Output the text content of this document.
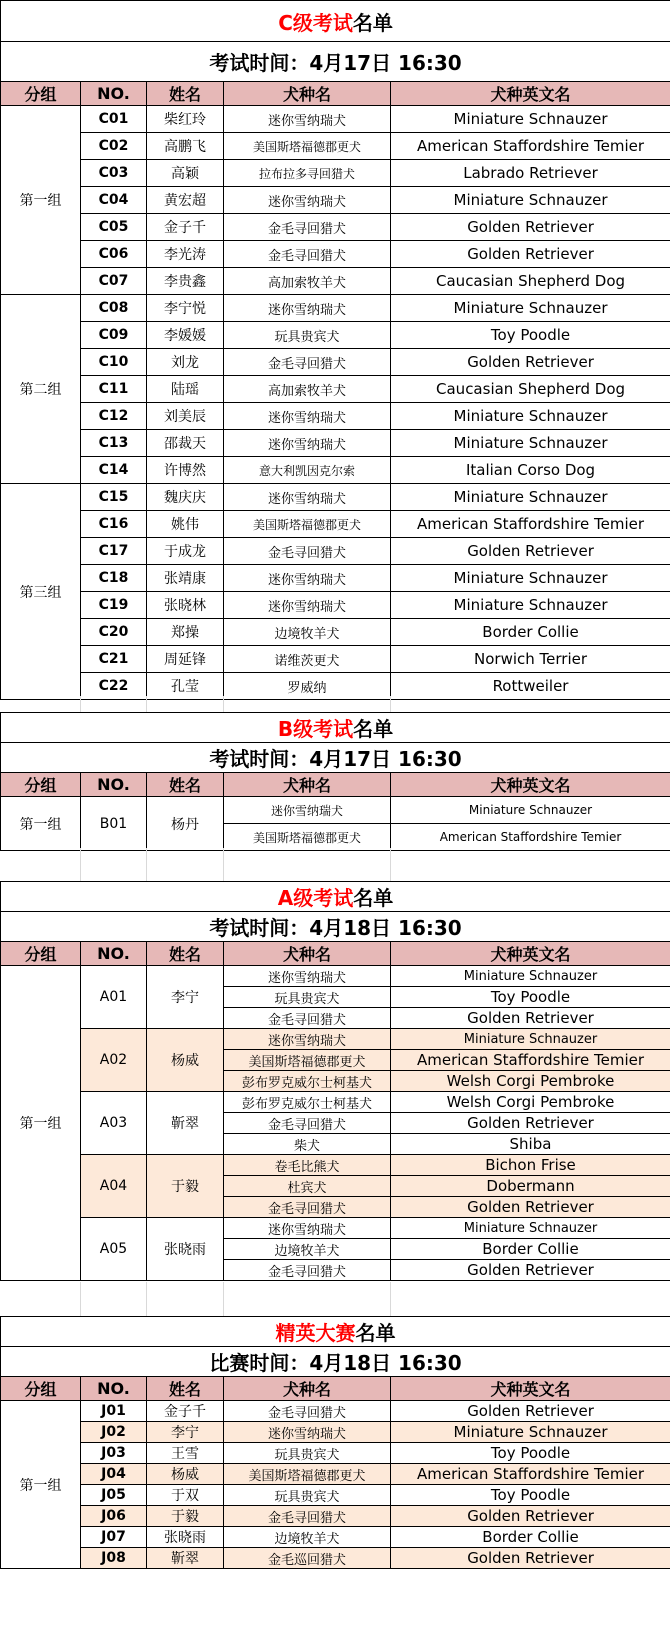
C级考试名单				
考试时间：4月17日 16:30				
分组	NO.	姓名	犬种名	犬种英文名
第一组	C01	柴红玲	迷你雪纳瑞犬	Miniature Schnauzer
	C02	高鹏飞	美国斯塔福德郡更犬	American Staffordshire Temier
	C03	高颖	拉布拉多寻回猎犬	Labrado Retriever
	C04	黄宏超	迷你雪纳瑞犬	Miniature Schnauzer
	C05	金子千	金毛寻回猎犬	Golden Retriever
	C06	李光涛	金毛寻回猎犬	Golden Retriever
	C07	李贵鑫	高加索牧羊犬	Caucasian Shepherd Dog
第二组	C08	李宁悦	迷你雪纳瑞犬	Miniature Schnauzer
	C09	李媛媛	玩具贵宾犬	Toy Poodle
	C10	刘龙	金毛寻回猎犬	Golden Retriever
	C11	陆瑶	高加索牧羊犬	Caucasian Shepherd Dog
	C12	刘美辰	迷你雪纳瑞犬	Miniature Schnauzer
	C13	邵裁天	迷你雪纳瑞犬	Miniature Schnauzer
	C14	许博然	意大利凯因克尔索	Italian Corso Dog
第三组	C15	魏庆庆	迷你雪纳瑞犬	Miniature Schnauzer
	C16	姚伟	美国斯塔福德郡更犬	American Staffordshire Temier
	C17	于成龙	金毛寻回猎犬	Golden Retriever
	C18	张靖康	迷你雪纳瑞犬	Miniature Schnauzer
	C19	张晓林	迷你雪纳瑞犬	Miniature Schnauzer
	C20	郑操	边境牧羊犬	Border Collie
	C21	周延锋	诺维茨更犬	Norwich Terrier
	C22	孔莹	罗威纳	Rottweiler
B级考试名单				
考试时间：4月17日 16:30				
分组	NO.	姓名	犬种名	犬种英文名
第一组	B01	杨丹	迷你雪纳瑞犬	Miniature Schnauzer
			美国斯塔福德郡更犬	American Staffordshire Temier
A级考试名单				
考试时间：4月18日 16:30				
分组	NO.	姓名	犬种名	犬种英文名
第一组	A01	李宁	迷你雪纳瑞犬	Miniature Schnauzer
			玩具贵宾犬	Toy Poodle
			金毛寻回猎犬	Golden Retriever
	A02	杨威	迷你雪纳瑞犬	Miniature Schnauzer
			美国斯塔福德郡更犬	American Staffordshire Temier
			彭布罗克威尔士柯基犬	Welsh Corgi Pembroke
	A03	靳翠	彭布罗克威尔士柯基犬	Welsh Corgi Pembroke
			金毛寻回猎犬	Golden Retriever
			柴犬	Shiba
	A04	于毅	卷毛比熊犬	Bichon Frise
			杜宾犬	Dobermann
			金毛寻回猎犬	Golden Retriever
	A05	张晓雨	迷你雪纳瑞犬	Miniature Schnauzer
			边境牧羊犬	Border Collie
			金毛寻回猎犬	Golden Retriever
精英大赛名单				
比赛时间：4月18日 16:30				
分组	NO.	姓名	犬种名	犬种英文名
第一组	J01	金子千	金毛寻回猎犬	Golden Retriever
	J02	李宁	迷你雪纳瑞犬	Miniature Schnauzer
	J03	王雪	玩具贵宾犬	Toy Poodle
	J04	杨威	美国斯塔福德郡更犬	American Staffordshire Temier
	J05	于双	玩具贵宾犬	Toy Poodle
	J06	于毅	金毛寻回猎犬	Golden Retriever
	J07	张晓雨	边境牧羊犬	Border Collie
	J08	靳翠	金毛巡回猎犬	Golden Retriever
